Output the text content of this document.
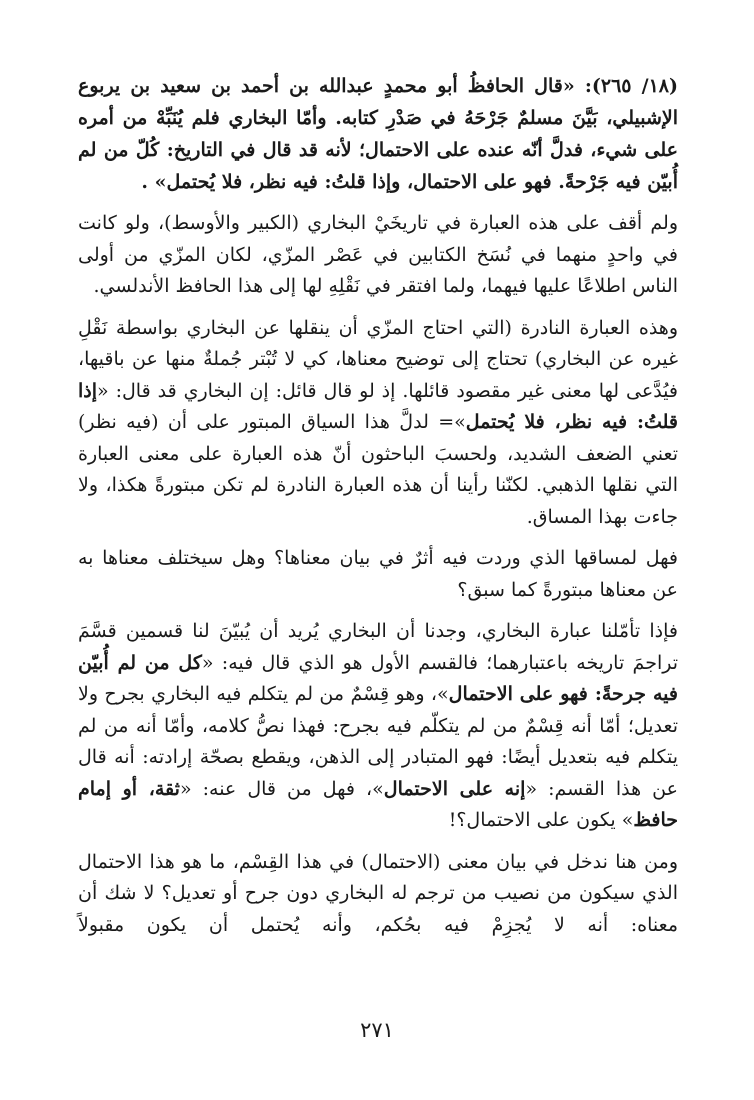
(١٨/ ٢٦٥): «قال الحافظُ أبو محمدٍ عبدالله بن أحمد بن سعيد بن يربوع الإشبيلي، بَيَّنَ مسلمٌ جَرْحَهُ في صَدْرِ كتابه. وأمّا البخاري فلم يُنَبِّهْ من أمره على شيء، فدلَّ أنّه عنده على الاحتمال؛ لأنه قد قال في التاريخ: كُلّ من لم أُبيّن فيه جَرْحةً. فهو على الاحتمال، وإذا قلتُ: فيه نظر، فلا يُحتمل» .

ولم أقف على هذه العبارة في تاريخَيْ البخاري (الكبير والأوسط)، ولو كانت في واحدٍ منهما في نُسَخ الكتابين في عَصْر المزّي، لكان المزّي من أولى الناس اطلاعًا عليها فيهما، ولما افتقر في نَقْلِهِ لها إلى هذا الحافظ الأندلسي.

وهذه العبارة النادرة (التي احتاج المزّي أن ينقلها عن البخاري بواسطة نَقْلِ غيره عن البخاري) تحتاج إلى توضيح معناها، كي لا تُبْتر جُملةٌ منها عن باقيها، فيُدَّعى لها معنى غير مقصود قائلها. إذ لو قال قائل: إن البخاري قد قال: «إذا قلتُ: فيه نظر، فلا يُحتمل»= لدلَّ هذا السياق المبتور على أن (فيه نظر) تعني الضعف الشديد، ولحسبَ الباحثون أنّ هذه العبارة على معنى العبارة التي نقلها الذهبي. لكنّنا رأينا أن هذه العبارة النادرة لم تكن مبتورةً هكذا، ولا جاءت بهذا المساق.

فهل لمساقها الذي وردت فيه أثرٌ في بيان معناها؟ وهل سيختلف معناها به عن معناها مبتورةً كما سبق؟

فإذا تأمّلنا عبارة البخاري، وجدنا أن البخاري يُريد أن يُبيّنَ لنا قسمين قسَّمَ تراجمَ تاريخه باعتبارهما؛ فالقسم الأول هو الذي قال فيه: «كل من لم أُبيّن فيه جرحةً: فهو على الاحتمال»، وهو قِسْمٌ من لم يتكلم فيه البخاري بجرح ولا تعديل؛ أمّا أنه قِسْمٌ من لم يتكلّم فيه بجرح: فهذا نصُّ كلامه، وأمّا أنه من لم يتكلم فيه بتعديل أيضًا: فهو المتبادر إلى الذهن، ويقطع بصحّة إرادته: أنه قال عن هذا القسم: «إنه على الاحتمال»، فهل من قال عنه: «ثقة، أو إمام حافظ» يكون على الاحتمال؟!

ومن هنا ندخل في بيان معنى (الاحتمال) في هذا القِسْم، ما هو هذا الاحتمال الذي سيكون من نصيب من ترجم له البخاري دون جرح أو تعديل؟ لا شك أن معناه: أنه لا يُجزِمْ فيه بحُكم، وأنه يُحتمل أن يكون مقبولاً

٢٧١
